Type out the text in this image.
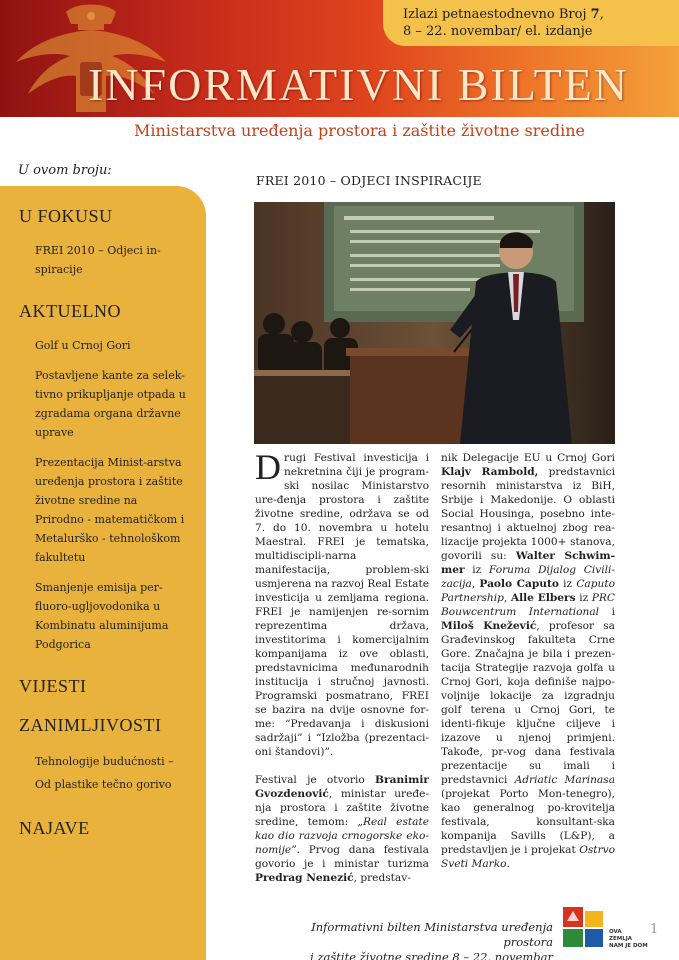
Izlazi petnaestodnevno Broj 7,
8 – 22. novembar/ el. izdanje
INFORMATIVNI BILTEN
Ministarstva uređenja prostora i zaštite životne sredine
U ovom broju:
U FOKUSU
FREI 2010 – Odjeci in-spiracije
AKTUELNO
Golf u Crnoj Gori
Postavljene kante za selek-tivno prikupljanje otpada u zgradama organa državne uprave
Prezentacija Minist-arstva uređenja prostora i zaštite životne sredine na Prirodno - matematičkom i Metalurško - tehnološkom fakultetu
Smanjenje emisija per-fluoro-ugljovodonika u Kombinatu aluminijuma Podgorica
VIJESTI
ZANIMLJIVOSTI
Tehnologije budućnosti – Od plastike tečno gorivo
NAJAVE
FREI 2010 – ODJECI INSPIRACIJE

Drugi Festival investicija i nekretnina čiji je program-ski nosilac Ministarstvo ure-đenja prostora i zaštite životne sredine, održava se od 7. do 10. novembra u hotelu Maestral. FREI je tematska, multidiscipli-narna manifestacija, problem-ski usmjerena na razvoj Real Estate investicija u zemljama regiona. FREI je namijenjen re-sornim reprezentima država, investitorima i komercijalnim kompanijama iz ove oblasti, predstavnicima međunarodnih institucija i stručnoj javnosti. Programski posmatrano, FREI se bazira na dvije osnovne for-me: “Predavanja i diskusioni sadržaji” i “Izložba (prezentaci-oni štandovi)”.

Festival je otvorio Branimir Gvozdenović, ministar uređe-nja prostora i zaštite životne sredine, temom: „Real estate kao dio razvoja crnogorske eko-nomije”. Prvog dana festivala govorio je i ministar turizma Predrag Nenezić, predstav-

nik Delegacije EU u Crnoj Gori Klajv Rambold, predstavnici resornih ministarstva iz BiH, Srbije i Makedonije. O oblasti Social Housinga, posebno inte-resantnoj i aktuelnoj zbog rea-lizacije projekta 1000+ stanova, govorili su: Walter Schwim-mer iz Foruma Dijalog Civili-zacija, Paolo Caputo iz Caputo Partnership, Alle Elbers iz PRC Bouwcentrum International i Miloš Knežević, profesor sa Građevinskog fakulteta Crne Gore. Značajna je bila i prezen-tacija Strategije razvoja golfa u Crnoj Gori, koja definiše najpo-voljnije lokacije za izgradnju golf terena u Crnoj Gori, te identi-fikuje ključne ciljeve i izazove u njenoj primjeni. Takođe, pr-vog dana festivala prezentacije su imali i predstavnici Adriatic Marinasa (projekat Porto Mon-tenegro), kao generalnog po-krovitelja festivala, konsultant-ska kompanija Savills (L&P), a predstavljen je i projekat Ostrvo Sveti Marko.

Informativni bilten Ministarstva uređenja prostora
i zaštite životne sredine 8 – 22. novembar
OVA
ZEMLJA
NAM JE DOM
1
